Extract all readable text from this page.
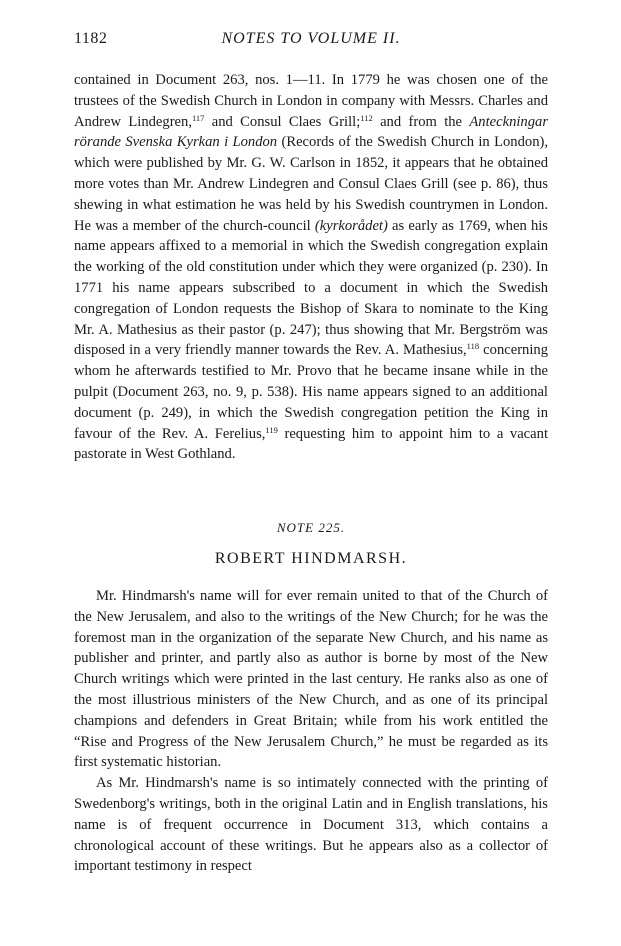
1182	NOTES TO VOLUME II.

contained in Document 263, nos. 1—11. In 1779 he was chosen one of the trustees of the Swedish Church in London in company with Messrs. Charles and Andrew Lindegren,$^{117}$ and Consul Claes Grill;$^{112}$ and from the Anteckningar rörande Svenska Kyrkan i London (Records of the Swedish Church in London), which were published by Mr. G. W. Carlson in 1852, it appears that he obtained more votes than Mr. Andrew Lindegren and Consul Claes Grill (see p. 86), thus shewing in what estimation he was held by his Swedish countrymen in London. He was a member of the church-council (kyrkorådet) as early as 1769, when his name appears affixed to a memorial in which the Swedish congregation explain the working of the old constitution under which they were organized (p. 230). In 1771 his name appears subscribed to a document in which the Swedish congregation of London requests the Bishop of Skara to nominate to the King Mr. A. Mathesius as their pastor (p. 247); thus showing that Mr. Bergström was disposed in a very friendly manner towards the Rev. A. Mathesius,$^{118}$ concerning whom he afterwards testified to Mr. Provo that he became insane while in the pulpit (Document 263, no. 9, p. 538). His name appears signed to an additional document (p. 249), in which the Swedish congregation petition the King in favour of the Rev. A. Ferelius,$^{119}$ requesting him to appoint him to a vacant pastorate in West Gothland.

NOTE 225.
ROBERT HINDMARSH.

Mr. Hindmarsh's name will for ever remain united to that of the Church of the New Jerusalem, and also to the writings of the New Church; for he was the foremost man in the organization of the separate New Church, and his name as publisher and printer, and partly also as author is borne by most of the New Church writings which were printed in the last century. He ranks also as one of the most illustrious ministers of the New Church, and as one of its principal champions and defenders in Great Britain; while from his work entitled the “Rise and Progress of the New Jerusalem Church,” he must be regarded as its first systematic historian.

As Mr. Hindmarsh's name is so intimately connected with the printing of Swedenborg's writings, both in the original Latin and in English translations, his name is of frequent occurrence in Document 313, which contains a chronological account of these writings. But he appears also as a collector of important testimony in respect
